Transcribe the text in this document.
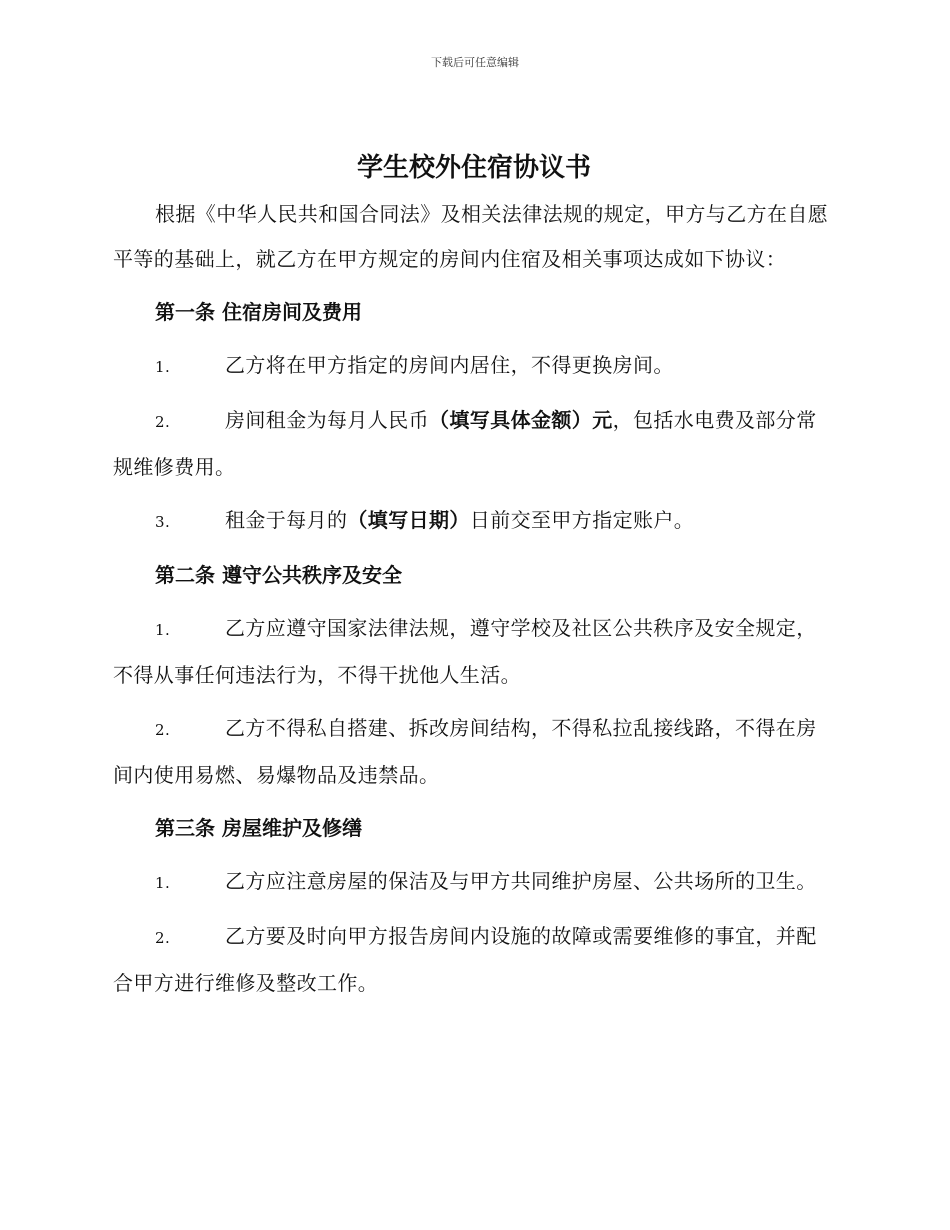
下载后可任意编辑
学生校外住宿协议书

根据《中华人民共和国合同法》及相关法律法规的规定，甲方与乙方在自愿平等的基础上，就乙方在甲方规定的房间内住宿及相关事项达成如下协议：

第一条 住宿房间及费用

1.	乙方将在甲方指定的房间内居住，不得更换房间。

2.	房间租金为每月人民币（填写具体金额）元，包括水电费及部分常规维修费用。

3.	租金于每月的（填写日期）日前交至甲方指定账户。

第二条 遵守公共秩序及安全

1.	乙方应遵守国家法律法规，遵守学校及社区公共秩序及安全规定，不得从事任何违法行为，不得干扰他人生活。

2.	乙方不得私自搭建、拆改房间结构，不得私拉乱接线路，不得在房间内使用易燃、易爆物品及违禁品。

第三条 房屋维护及修缮

1.	乙方应注意房屋的保洁及与甲方共同维护房屋、公共场所的卫生。

2.	乙方要及时向甲方报告房间内设施的故障或需要维修的事宜，并配合甲方进行维修及整改工作。
